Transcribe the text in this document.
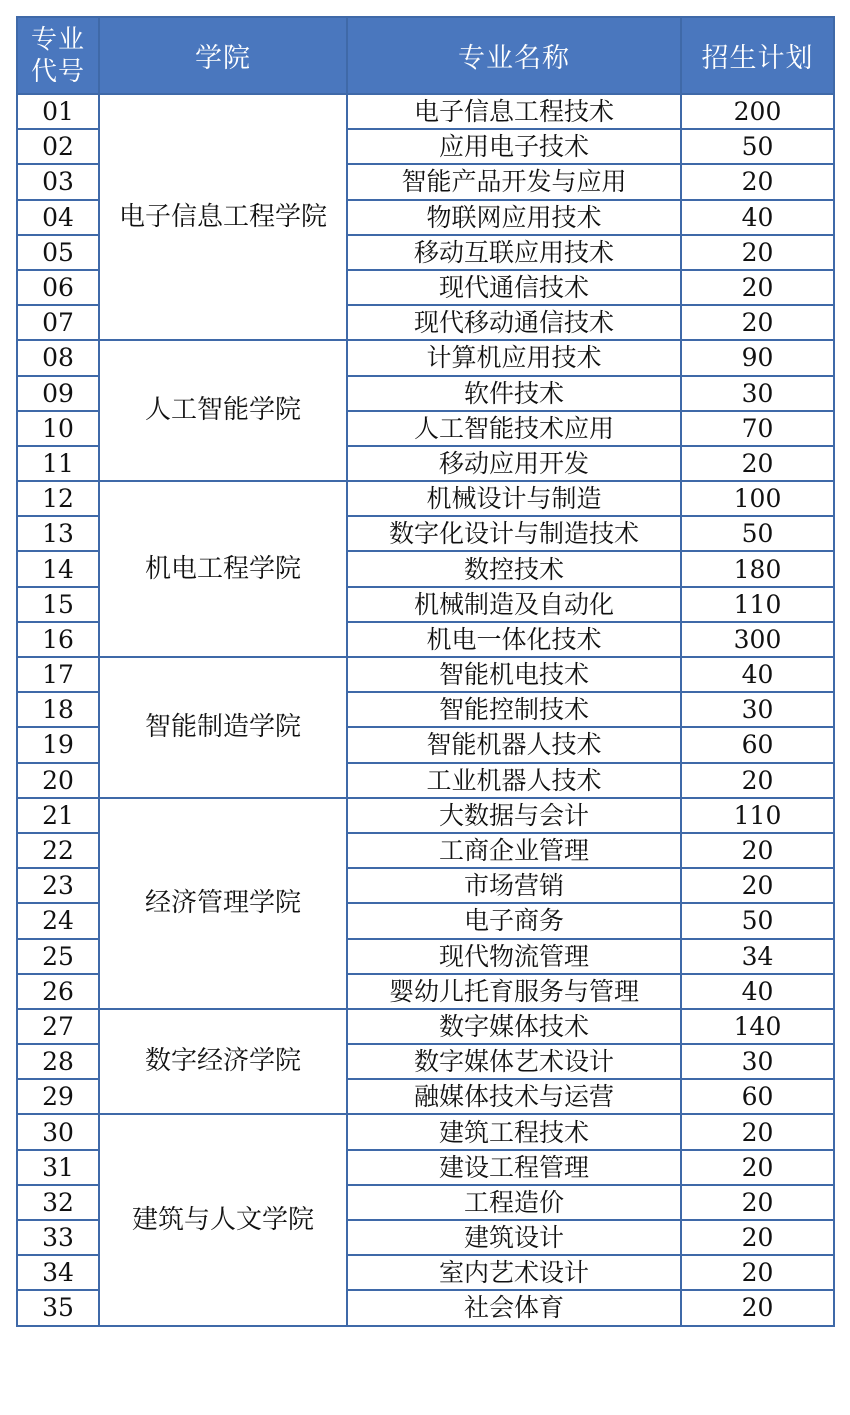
专业
代号	学院	专业名称	招生计划
01	电子信息工程学院	电子信息工程技术	200
02		应用电子技术	50
03		智能产品开发与应用	20
04		物联网应用技术	40
05		移动互联应用技术	20
06		现代通信技术	20
07		现代移动通信技术	20
08	人工智能学院	计算机应用技术	90
09		软件技术	30
10		人工智能技术应用	70
11		移动应用开发	20
12	机电工程学院	机械设计与制造	100
13		数字化设计与制造技术	50
14		数控技术	180
15		机械制造及自动化	110
16		机电一体化技术	300
17	智能制造学院	智能机电技术	40
18		智能控制技术	30
19		智能机器人技术	60
20		工业机器人技术	20
21	经济管理学院	大数据与会计	110
22		工商企业管理	20
23		市场营销	20
24		电子商务	50
25		现代物流管理	34
26		婴幼儿托育服务与管理	40
27	数字经济学院	数字媒体技术	140
28		数字媒体艺术设计	30
29		融媒体技术与运营	60
30	建筑与人文学院	建筑工程技术	20
31		建设工程管理	20
32		工程造价	20
33		建筑设计	20
34		室内艺术设计	20
35		社会体育	20
